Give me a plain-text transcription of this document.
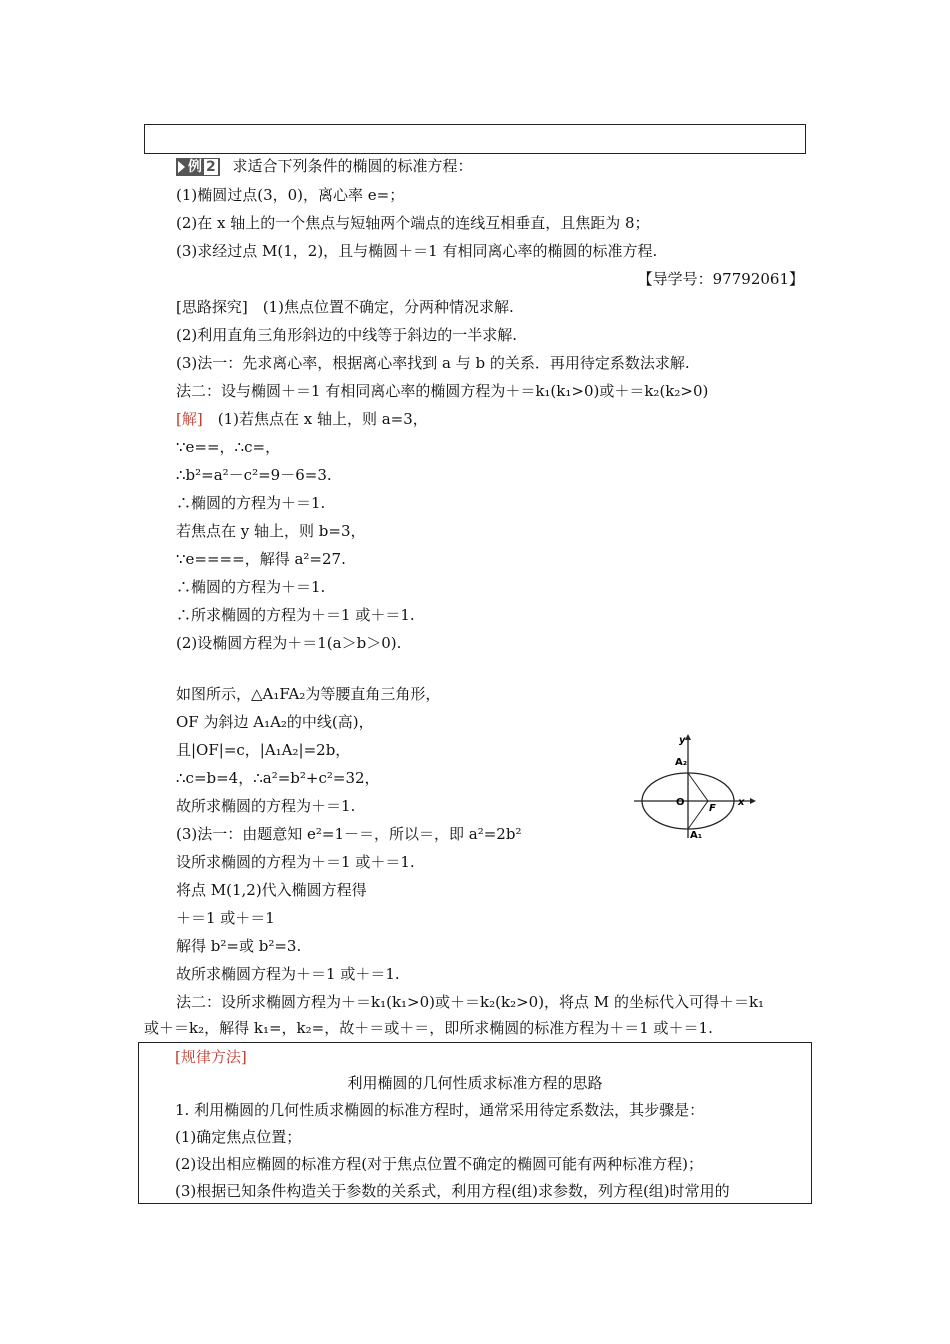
例 2 求适合下列条件的椭圆的标准方程：
(1)椭圆过点(3，0)，离心率 e=；
(2)在 x 轴上的一个焦点与短轴两个端点的连线互相垂直，且焦距为 8；
(3)求经过点 M(1，2)，且与椭圆＋＝1 有相同离心率的椭圆的标准方程.
【导学号：97792061】
[思路探究]　(1)焦点位置不确定，分两种情况求解.
(2)利用直角三角形斜边的中线等于斜边的一半求解.
(3)法一：先求离心率，根据离心率找到 a 与 b 的关系．再用待定系数法求解.
法二：设与椭圆＋＝1 有相同离心率的椭圆方程为＋＝k₁(k₁>0)或＋＝k₂(k₂>0)
[解]　(1)若焦点在 x 轴上，则 a=3，
∵e==，∴c=，
∴b²=a²－c²=9－6=3.
∴椭圆的方程为＋＝1.
若焦点在 y 轴上，则 b=3，
∵e====，解得 a²=27.
∴椭圆的方程为＋＝1.
∴所求椭圆的方程为＋＝1 或＋＝1.
(2)设椭圆方程为＋＝1(a＞b＞0).
如图所示，△A₁FA₂为等腰直角三角形，
OF 为斜边 A₁A₂的中线(高)，
且|OF|=c，|A₁A₂|=2b，
∴c=b=4，∴a²=b²+c²=32，
故所求椭圆的方程为＋＝1.
(3)法一：由题意知 e²=1－＝，所以＝，即 a²=2b²
设所求椭圆的方程为＋＝1 或＋＝1.
将点 M(1,2)代入椭圆方程得
＋＝1 或＋＝1
解得 b²=或 b²=3.
故所求椭圆方程为＋＝1 或＋＝1.
法二：设所求椭圆方程为＋＝k₁(k₁>0)或＋＝k₂(k₂>0)，将点 M 的坐标代入可得＋＝k₁
或＋＝k₂，解得 k₁=，k₂=，故＋＝或＋＝，即所求椭圆的标准方程为＋＝1 或＋＝1.
y
x
O
F
A₂
A₁
[规律方法]
利用椭圆的几何性质求标准方程的思路
1. 利用椭圆的几何性质求椭圆的标准方程时，通常采用待定系数法，其步骤是：
(1)确定焦点位置；
(2)设出相应椭圆的标准方程(对于焦点位置不确定的椭圆可能有两种标准方程)；
(3)根据已知条件构造关于参数的关系式，利用方程(组)求参数，列方程(组)时常用的
